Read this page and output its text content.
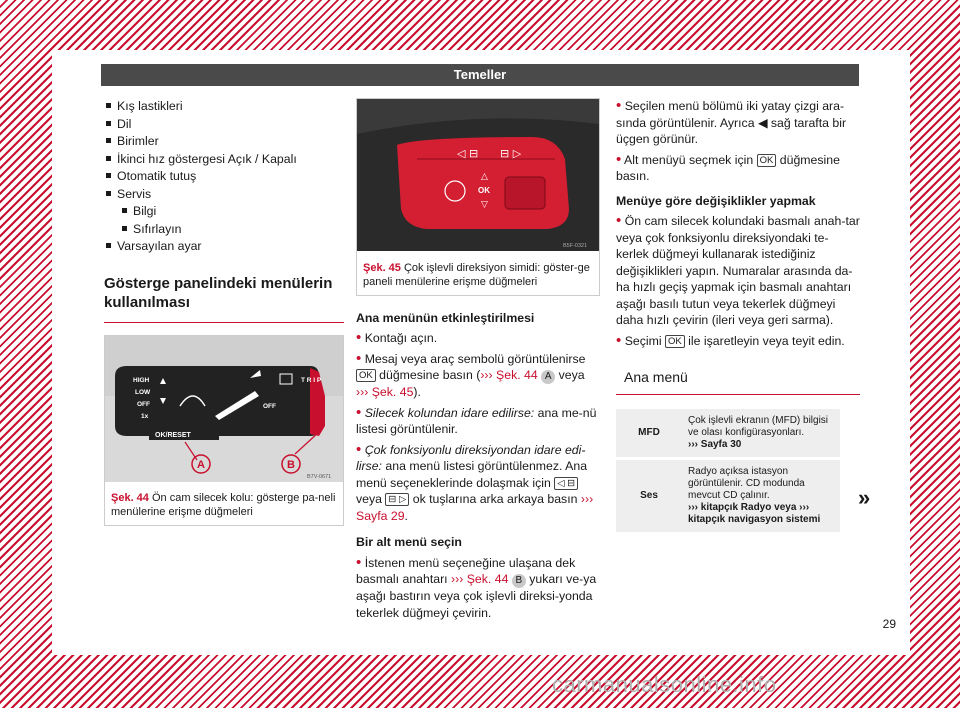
Temeller
Kış lastikleri
Dil
Birimler
İkinci hız göstergesi Açık / Kapalı
Otomatik tutuş
Servis
Bilgi
Sıfırlayın
Varsayılan ayar
Gösterge panelindeki menülerin kullanılması
HIGH
LOW
OFF
1x
OFF
T R I P
OK/RESET
A	B
B7V-0671
Şek. 44 Ön cam silecek kolu: gösterge pa-neli menülerine erişme düğmeleri
◁ ⊟ ⊟ ▷
△
OK
▽
B5F-0321
Şek. 45 Çok işlevli direksiyon simidi: göster-ge paneli menülerine erişme düğmeleri

Ana menünün etkinleştirilmesi

• Kontağı açın.

• Mesaj veya araç sembolü görüntülenirse OK düğmesine basın (››› Şek. 44 A veya ››› Şek. 45).

• Silecek kolundan idare edilirse: ana me-nü listesi görüntülenir.

• Çok fonksiyonlu direksiyondan idare edi-lirse: ana menü listesi görüntülenmez. Ana menü seçeneklerinde dolaşmak için ◁ ⊟ veya ⊟ ▷ ok tuşlarına arka arkaya basın ››› Sayfa 29.

Bir alt menü seçin

• İstenen menü seçeneğine ulaşana dek basmalı anahtarı ››› Şek. 44 B yukarı ve-ya aşağı bastırın veya çok işlevli direksi-yonda tekerlek düğmeyi çevirin.

• Seçilen menü bölümü iki yatay çizgi ara-sında görüntülenir. Ayrıca ◀ sağ tarafta bir üçgen görünür.

• Alt menüyü seçmek için OK düğmesine basın.

Menüye göre değişiklikler yapmak

• Ön cam silecek kolundaki basmalı anah-tar veya çok fonksiyonlu direksiyondaki te-kerlek düğmeyi kullanarak istediğiniz değişiklikleri yapın. Numaralar arasında da-ha hızlı geçiş yapmak için basmalı anahtarı aşağı basılı tutun veya tekerlek düğmeyi daha hızlı çevirin (ileri veya geri sarma).

• Seçimi OK ile işaretleyin veya teyit edin.

Ana menü
MFD	Çok işlevli ekranın (MFD) bilgisi ve olası konfigürasyonları.
››› Sayfa 30
Ses	Radyo açıksa istasyon görüntülenir. CD modunda mevcut CD çalınır.
››› kitapçık Radyo veya ››› kitapçık navigasyon sistemi
»
29
carmanualsonline.info
